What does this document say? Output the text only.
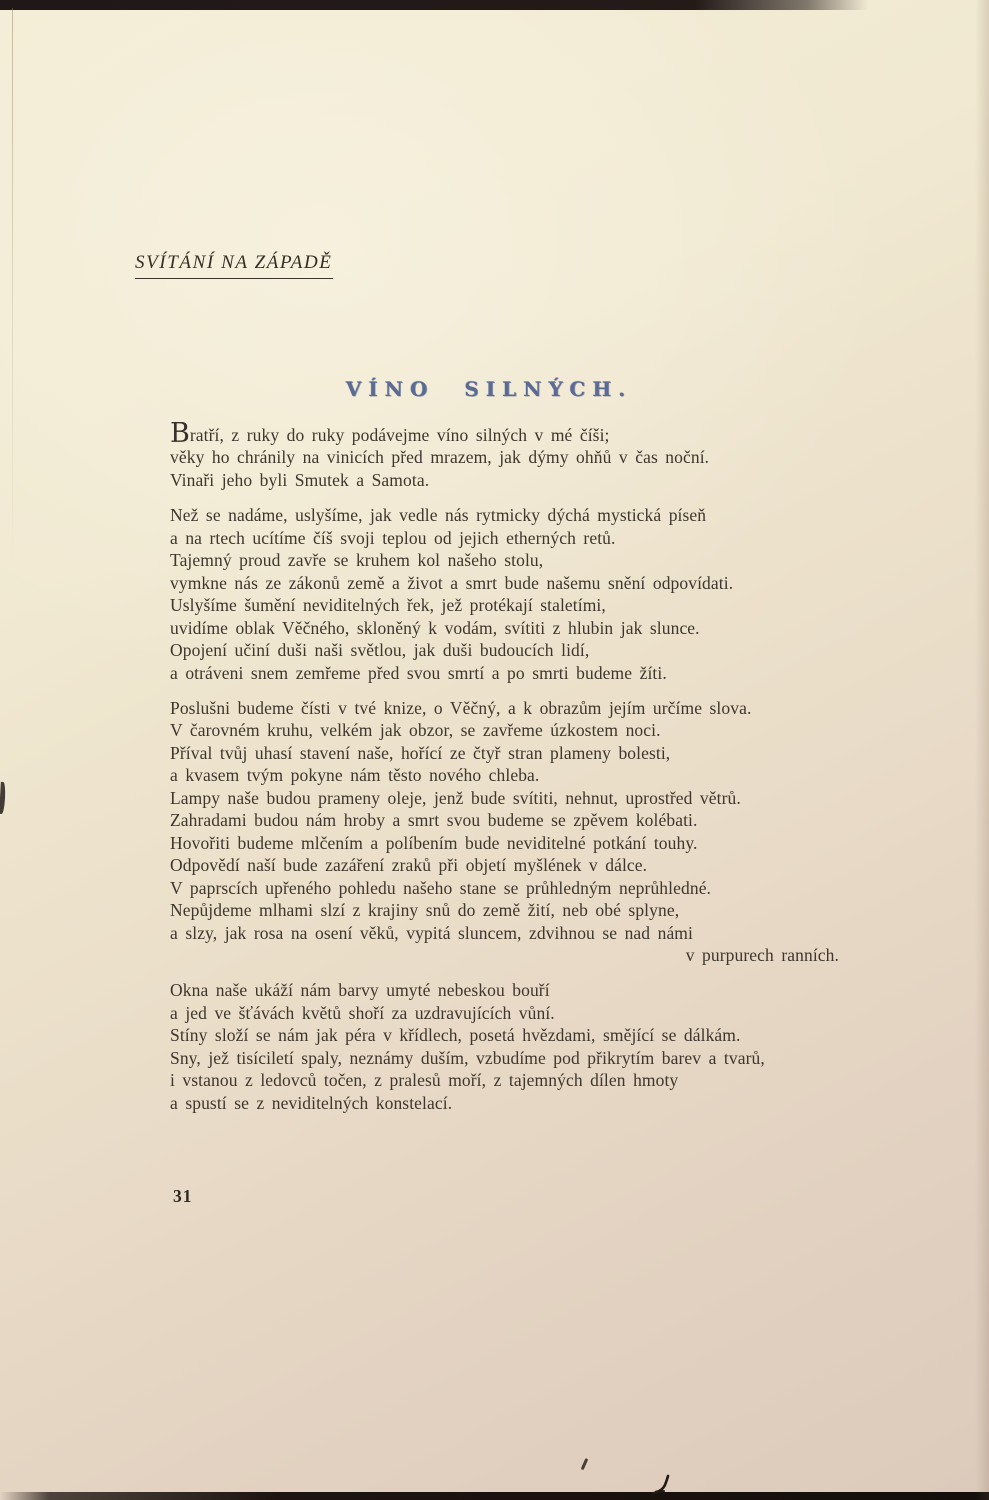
SVÍTÁNÍ NA ZÁPADĚ
VÍNO SILNÝCH.
Bratří, z ruky do ruky podávejme víno silných v mé číši;
věky ho chránily na vinicích před mrazem, jak dýmy ohňů v čas noční.
Vinaři jeho byli Smutek a Samota.
Než se nadáme, uslyšíme, jak vedle nás rytmicky dýchá mystická píseň
a na rtech ucítíme číš svoji teplou od jejich etherných retů.
Tajemný proud zavře se kruhem kol našeho stolu,
vymkne nás ze zákonů země a život a smrt bude našemu snění odpovídati.
Uslyšíme šumění neviditelných řek, jež protékají staletími,
uvidíme oblak Věčného, skloněný k vodám, svítiti z hlubin jak slunce.
Opojení učiní duši naši světlou, jak duši budoucích lidí,
a otráveni snem zemřeme před svou smrtí a po smrti budeme žíti.
Poslušni budeme čísti v tvé knize, o Věčný, a k obrazům jejím určíme slova.
V čarovném kruhu, velkém jak obzor, se zavřeme úzkostem noci.
Příval tvůj uhasí stavení naše, hořící ze čtyř stran plameny bolesti,
a kvasem tvým pokyne nám těsto nového chleba.
Lampy naše budou prameny oleje, jenž bude svítiti, nehnut, uprostřed větrů.
Zahradami budou nám hroby a smrt svou budeme se zpěvem kolébati.
Hovořiti budeme mlčením a políbením bude neviditelné potkání touhy.
Odpovědí naší bude zazáření zraků při objetí myšlének v dálce.
V paprscích upřeného pohledu našeho stane se průhledným neprůhledné.
Nepůjdeme mlhami slzí z krajiny snů do země žití, neb obé splyne,
a slzy, jak rosa na osení věků, vypitá sluncem, zdvihnou se nad námi
v purpurech ranních.
Okna naše ukáží nám barvy umyté nebeskou bouří
a jed ve šťávách květů shoří za uzdravujících vůní.
Stíny složí se nám jak péra v křídlech, posetá hvězdami, smějící se dálkám.
Sny, jež tisíciletí spaly, neznámy duším, vzbudíme pod přikrytím barev a tvarů,
i vstanou z ledovců točen, z pralesů moří, z tajemných dílen hmoty
a spustí se z neviditelných konstelací.
31
